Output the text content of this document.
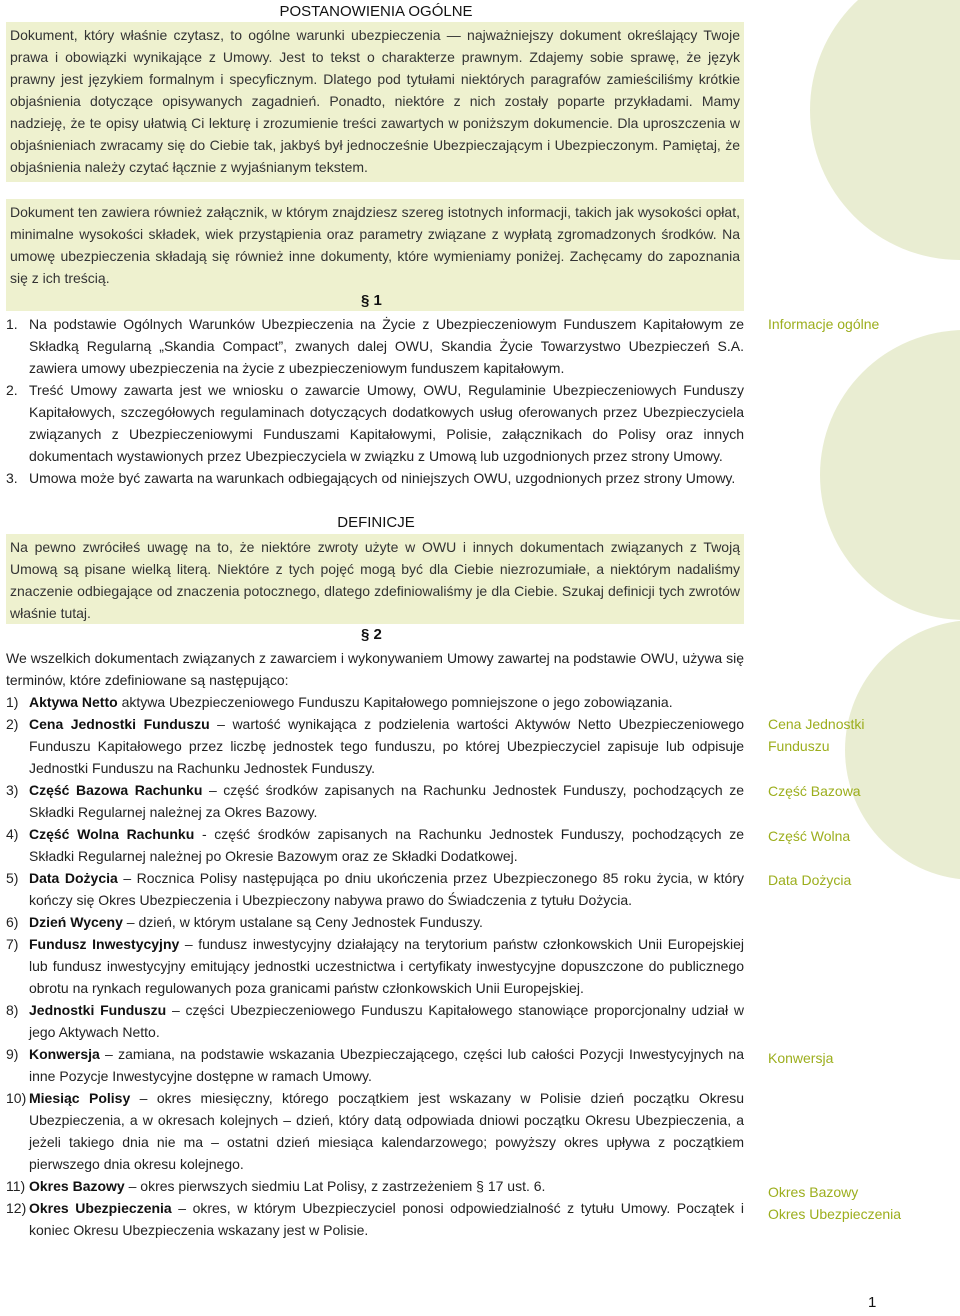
POSTANOWIENIA OGÓLNE

Dokument, który właśnie czytasz, to ogólne warunki ubezpieczenia — najważniejszy dokument określający Twoje prawa i obowiązki wynikające z Umowy. Jest to tekst o charakterze prawnym. Zdajemy sobie sprawę, że język prawny jest językiem formalnym i specyficznym. Dlatego pod tytułami niektórych paragrafów zamieściliśmy krótkie objaśnienia dotyczące opisywanych zagadnień. Ponadto, niektóre z nich zostały poparte przykładami. Mamy nadzieję, że te opisy ułatwią Ci lekturę i zrozumienie treści zawartych w poniższym dokumencie. Dla uproszczenia w objaśnieniach zwracamy się do Ciebie tak, jakbyś był jednocześnie Ubezpieczającym i Ubezpieczonym. Pamiętaj, że objaśnienia należy czytać łącznie z wyjaśnianym tekstem.

Dokument ten zawiera również załącznik, w którym znajdziesz szereg istotnych informacji, takich jak wysokości opłat, minimalne wysokości składek, wiek przystąpienia oraz parametry związane z wypłatą zgromadzonych środków. Na umowę ubezpieczenia składają się również inne dokumenty, które wymieniamy poniżej. Zachęcamy do zapoznania się z ich treścią.

§ 1
1. Na podstawie Ogólnych Warunków Ubezpieczenia na Życie z Ubezpieczeniowym Funduszem Kapitałowym ze Składką Regularną „Skandia Compact”, zwanych dalej OWU, Skandia Życie Towarzystwo Ubezpieczeń S.A. zawiera umowy ubezpieczenia na życie z ubezpieczeniowym funduszem kapitałowym.
2. Treść Umowy zawarta jest we wniosku o zawarcie Umowy, OWU, Regulaminie Ubezpieczeniowych Funduszy Kapitałowych, szczegółowych regulaminach dotyczących dodatkowych usług oferowanych przez Ubezpieczyciela związanych z Ubezpieczeniowymi Funduszami Kapitałowymi, Polisie, załącznikach do Polisy oraz innych dokumentach wystawionych przez Ubezpieczyciela w związku z Umową lub uzgodnionych przez strony Umowy.
3. Umowa może być zawarta na warunkach odbiegających od niniejszych OWU, uzgodnionych przez strony Umowy.
DEFINICJE

Na pewno zwróciłeś uwagę na to, że niektóre zwroty użyte w OWU i innych dokumentach związanych z Twoją Umową są pisane wielką literą. Niektóre z tych pojęć mogą być dla Ciebie niezrozumiałe, a niektórym nadaliśmy znaczenie odbiegające od znaczenia potocznego, dlatego zdefiniowaliśmy je dla Ciebie. Szukaj definicji tych zwrotów właśnie tutaj.

§ 2

We wszelkich dokumentach związanych z zawarciem i wykonywaniem Umowy zawartej na podstawie OWU, używa się terminów, które zdefiniowane są następująco:

1) Aktywa Netto aktywa Ubezpieczeniowego Funduszu Kapitałowego pomniejszone o jego zobowiązania.
2) Cena Jednostki Funduszu – wartość wynikająca z podzielenia wartości Aktywów Netto Ubezpieczeniowego Funduszu Kapitałowego przez liczbę jednostek tego funduszu, po której Ubezpieczyciel zapisuje lub odpisuje Jednostki Funduszu na Rachunku Jednostek Funduszy.
3) Część Bazowa Rachunku – część środków zapisanych na Rachunku Jednostek Funduszy, pochodzących ze Składki Regularnej należnej za Okres Bazowy.
4) Część Wolna Rachunku - część środków zapisanych na Rachunku Jednostek Funduszy, pochodzących ze Składki Regularnej należnej po Okresie Bazowym oraz ze Składki Dodatkowej.
5) Data Dożycia – Rocznica Polisy następująca po dniu ukończenia przez Ubezpieczonego 85 roku życia, w który kończy się Okres Ubezpieczenia i Ubezpieczony nabywa prawo do Świadczenia z tytułu Dożycia.
6) Dzień Wyceny – dzień, w którym ustalane są Ceny Jednostek Funduszy.
7) Fundusz Inwestycyjny – fundusz inwestycyjny działający na terytorium państw członkowskich Unii Europejskiej lub fundusz inwestycyjny emitujący jednostki uczestnictwa i certyfikaty inwestycyjne dopuszczone do publicznego obrotu na rynkach regulowanych poza granicami państw członkowskich Unii Europejskiej.
8) Jednostki Funduszu – części Ubezpieczeniowego Funduszu Kapitałowego stanowiące proporcjonalny udział w jego Aktywach Netto.
9) Konwersja – zamiana, na podstawie wskazania Ubezpieczającego, części lub całości Pozycji Inwestycyjnych na inne Pozycje Inwestycyjne dostępne w ramach Umowy.
10) Miesiąc Polisy – okres miesięczny, którego początkiem jest wskazany w Polisie dzień początku Okresu Ubezpieczenia, a w okresach kolejnych – dzień, który datą odpowiada dniowi początku Okresu Ubezpieczenia, a jeżeli takiego dnia nie ma – ostatni dzień miesiąca kalendarzowego; powyższy okres upływa z początkiem pierwszego dnia okresu kolejnego.
11) Okres Bazowy – okres pierwszych siedmiu Lat Polisy, z zastrzeżeniem § 17 ust. 6.
12) Okres Ubezpieczenia – okres, w którym Ubezpieczyciel ponosi odpowiedzialność z tytułu Umowy. Początek i koniec Okresu Ubezpieczenia wskazany jest w Polisie.
Informacje ogólne
Cena Jednostki
Funduszu
Część Bazowa
Część Wolna
Data Dożycia
Konwersja
Okres Bazowy
Okres Ubezpieczenia
1
